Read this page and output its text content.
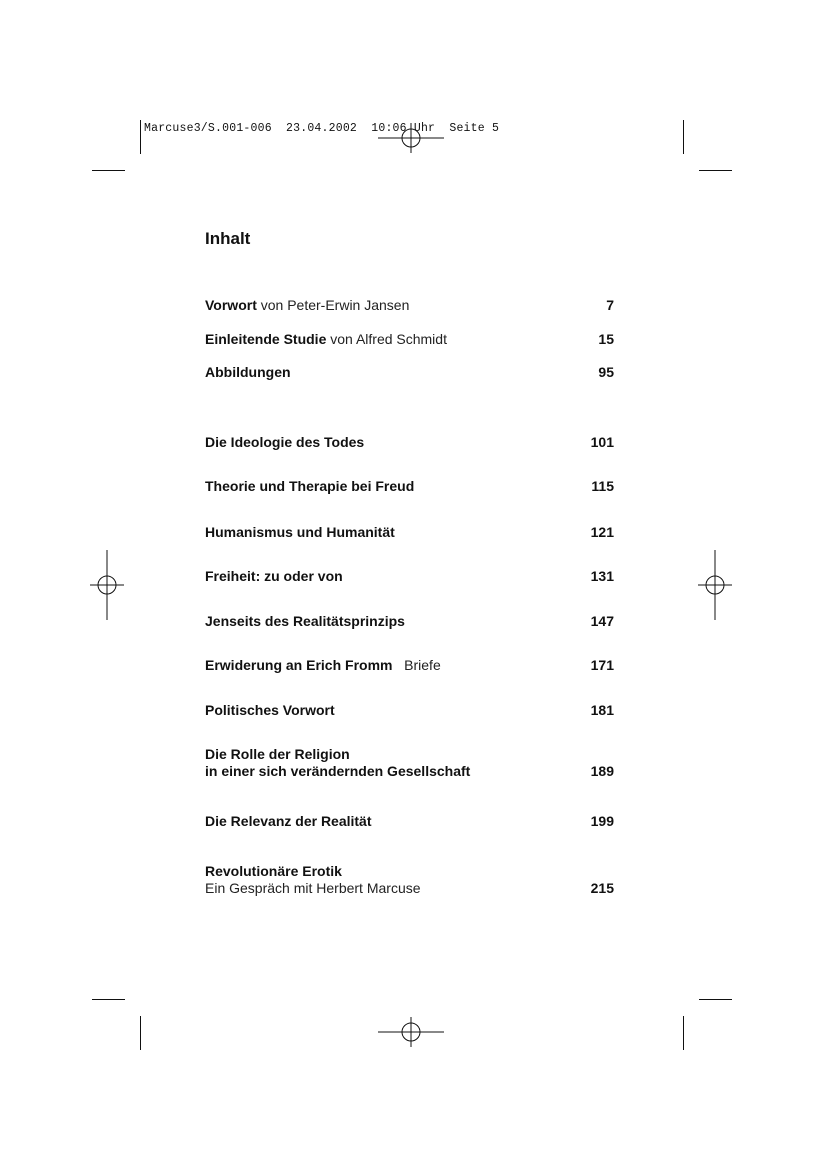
Marcuse3/S.001-006  23.04.2002  10:06 Uhr  Seite 5
Inhalt
Vorwort von Peter-Erwin Jansen	7
Einleitende Studie von Alfred Schmidt	15
Abbildungen	95
Die Ideologie des Todes	101
Theorie und Therapie bei Freud	115
Humanismus und Humanität	121
Freiheit: zu oder von	131
Jenseits des Realitätsprinzips	147
Erwiderung an Erich Fromm   Briefe	171
Politisches Vorwort	181
Die Rolle der Religion
in einer sich verändernden Gesellschaft	189
Die Relevanz der Realität	199
Revolutionäre Erotik
Ein Gespräch mit Herbert Marcuse	215
